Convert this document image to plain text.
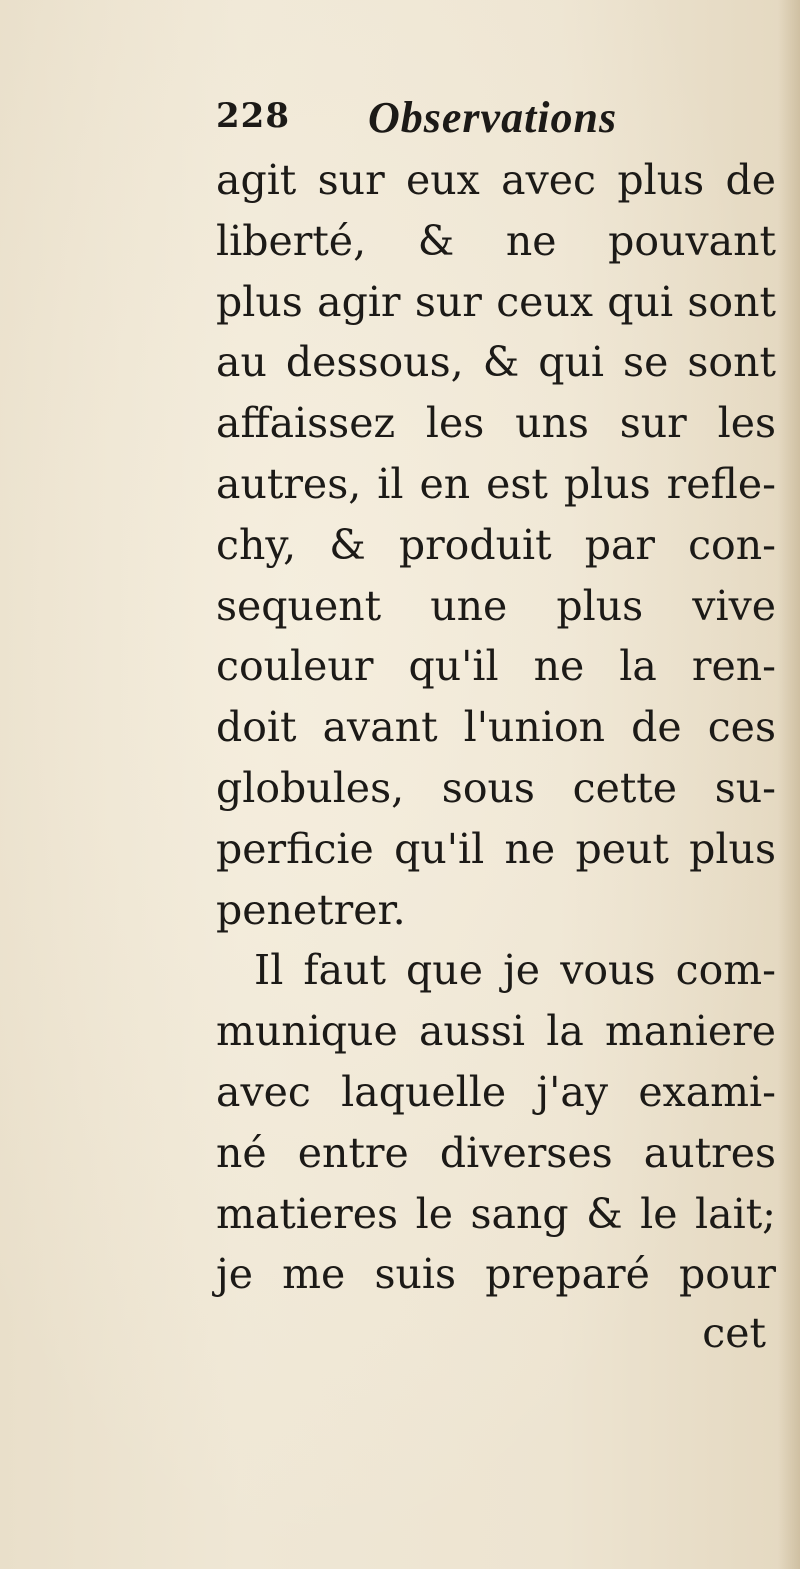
228 Observations
agit sur eux avec plus de
liberté, & ne pouvant
plus agir sur ceux qui sont
au dessous, & qui se sont
affaissez les uns sur les
autres, il en est plus refle-
chy, & produit par con-
sequent une plus vive
couleur qu'il ne la ren-
doit avant l'union de ces
globules, sous cette su-
perficie qu'il ne peut plus
penetrer.
Il faut que je vous com-
munique aussi la maniere
avec laquelle j'ay exami-
né entre diverses autres
matieres le sang & le lait;
je me suis preparé pour
cet
